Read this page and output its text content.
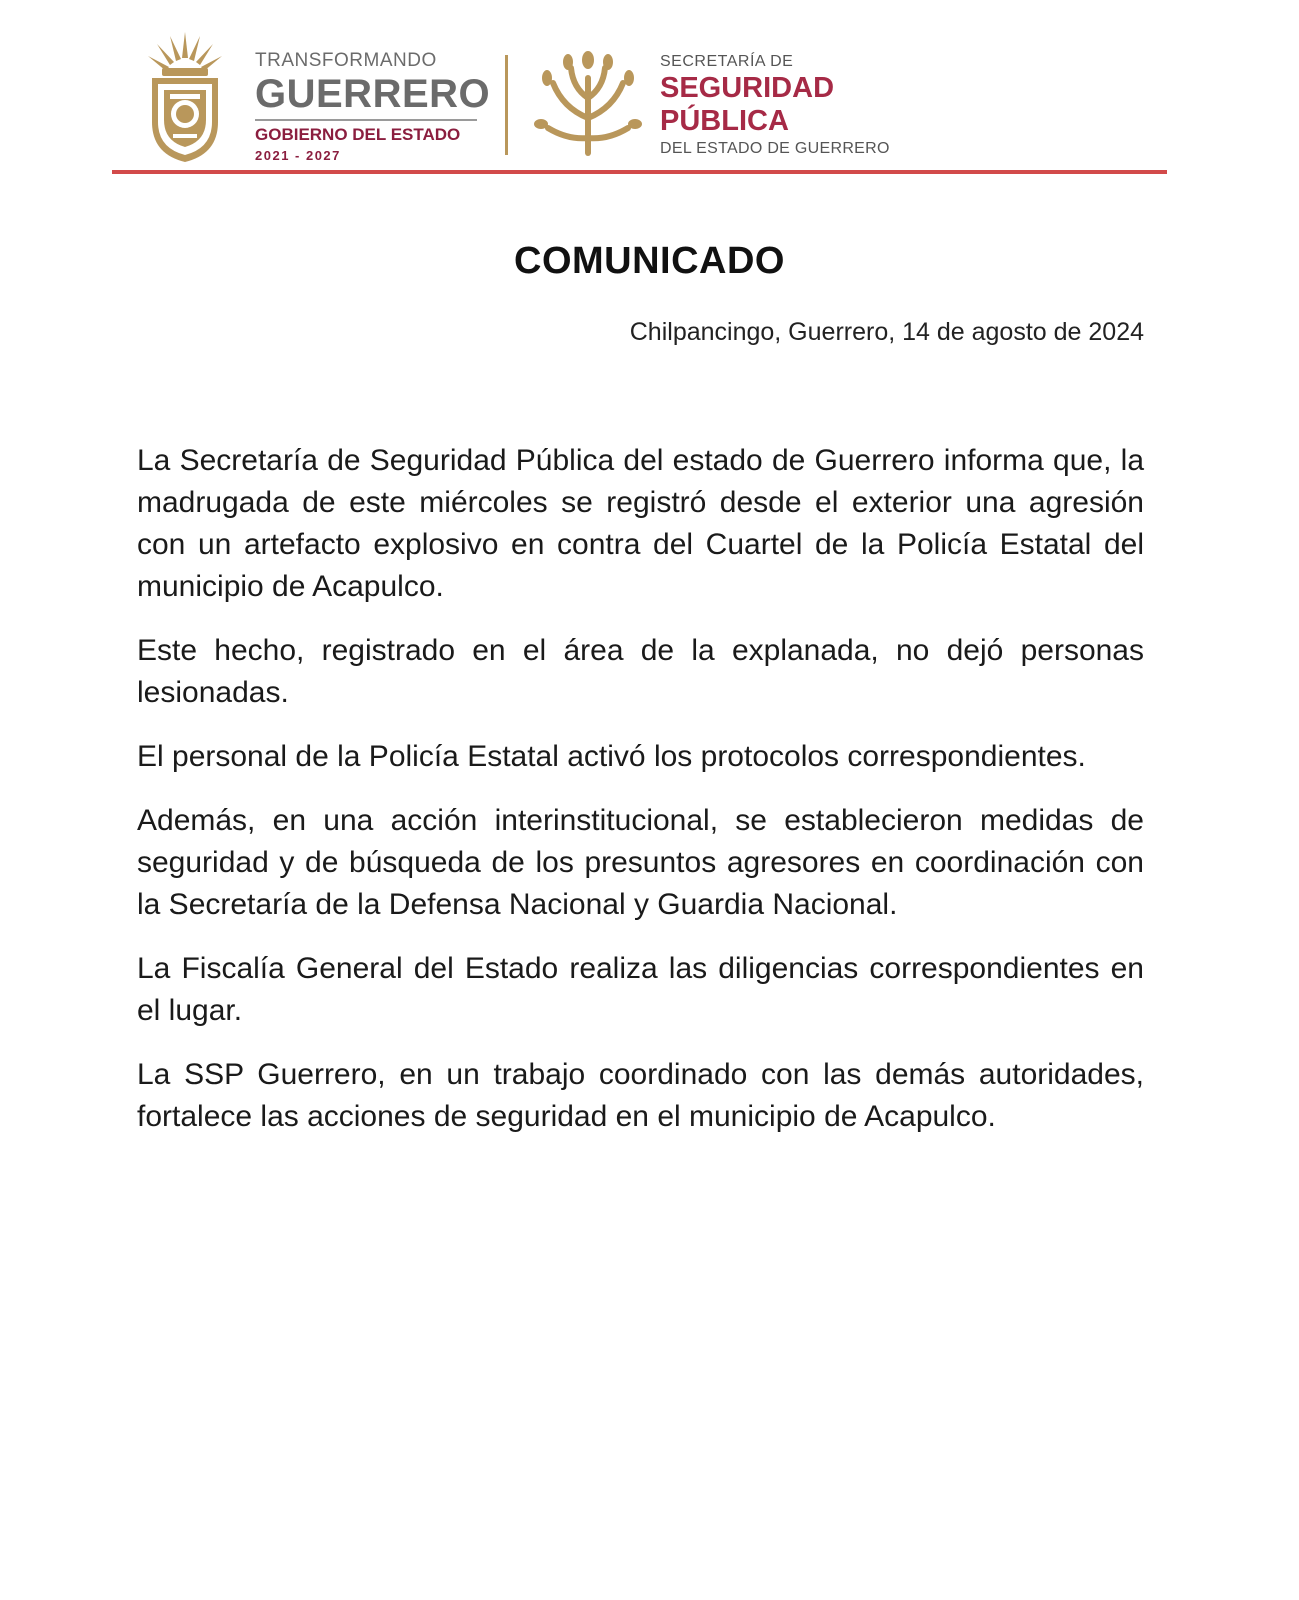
TRANSFORMANDO
GUERRERO
GOBIERNO DEL ESTADO
2021 - 2027
SECRETARÍA DE
SEGURIDAD
PÚBLICA
DEL ESTADO DE GUERRERO
COMUNICADO
Chilpancingo, Guerrero, 14 de agosto de 2024

La Secretaría de Seguridad Pública del estado de Guerrero informa que, la madrugada de este miércoles se registró desde el exterior una agresión con un artefacto explosivo en contra del Cuartel de la Policía Estatal del municipio de Acapulco.

Este hecho, registrado en el área de la explanada, no dejó personas lesionadas.

El personal de la Policía Estatal activó los protocolos correspondientes.

Además, en una acción interinstitucional, se establecieron medidas de seguridad y de búsqueda de los presuntos agresores en coordinación con la Secretaría de la Defensa Nacional y Guardia Nacional.

La Fiscalía General del Estado realiza las diligencias correspondientes en el lugar.

La SSP Guerrero, en un trabajo coordinado con las demás autoridades, fortalece las acciones de seguridad en el municipio de Acapulco.
